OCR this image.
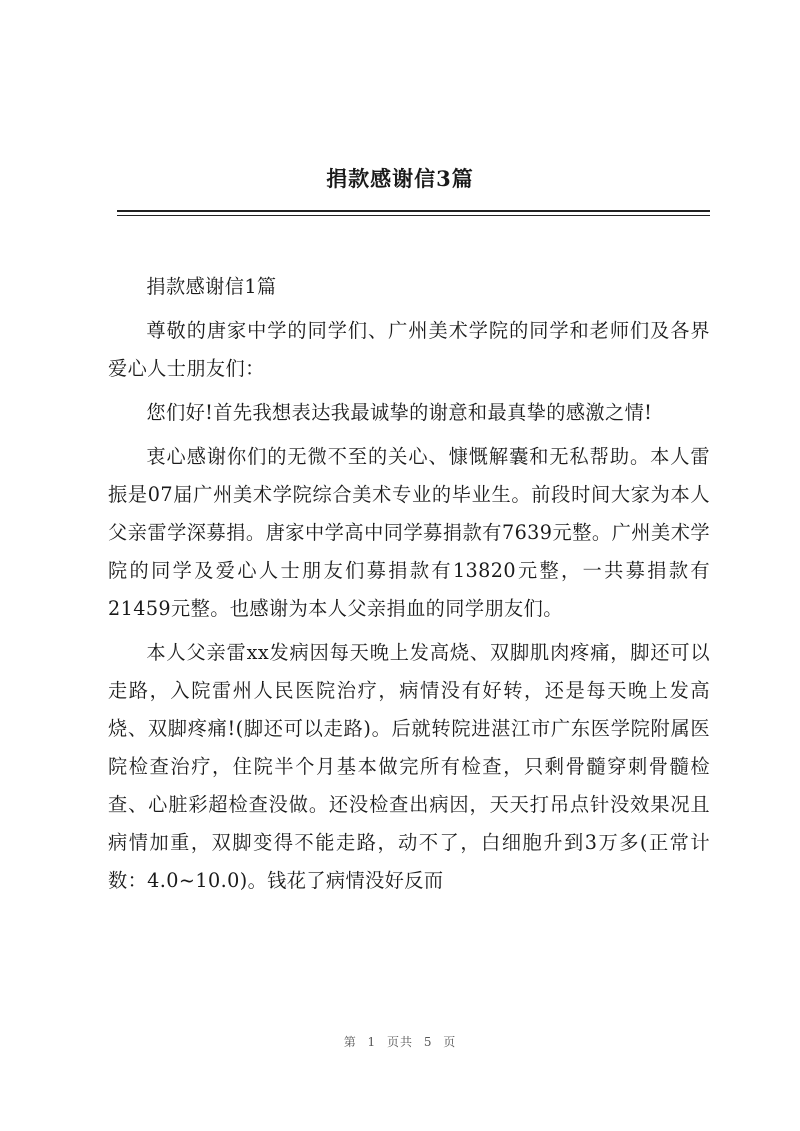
捐款感谢信3篇

捐款感谢信1篇

尊敬的唐家中学的同学们、广州美术学院的同学和老师们及各界爱心人士朋友们：

您们好!首先我想表达我最诚挚的谢意和最真挚的感激之情!

衷心感谢你们的无微不至的关心、慷慨解囊和无私帮助。本人雷振是07届广州美术学院综合美术专业的毕业生。前段时间大家为本人父亲雷学深募捐。唐家中学高中同学募捐款有7639元整。广州美术学院的同学及爱心人士朋友们募捐款有13820元整，一共募捐款有21459元整。也感谢为本人父亲捐血的同学朋友们。

本人父亲雷xx发病因每天晚上发高烧、双脚肌肉疼痛，脚还可以走路，入院雷州人民医院治疗，病情没有好转，还是每天晚上发高烧、双脚疼痛!(脚还可以走路)。后就转院进湛江市广东医学院附属医院检查治疗，住院半个月基本做完所有检查，只剩骨髓穿刺骨髓检查、心脏彩超检查没做。还没检查出病因，天天打吊点针没效果况且病情加重，双脚变得不能走路，动不了，白细胞升到3万多(正常计数：4.0~10.0)。钱花了病情没好反而

第 1 页共 5 页
